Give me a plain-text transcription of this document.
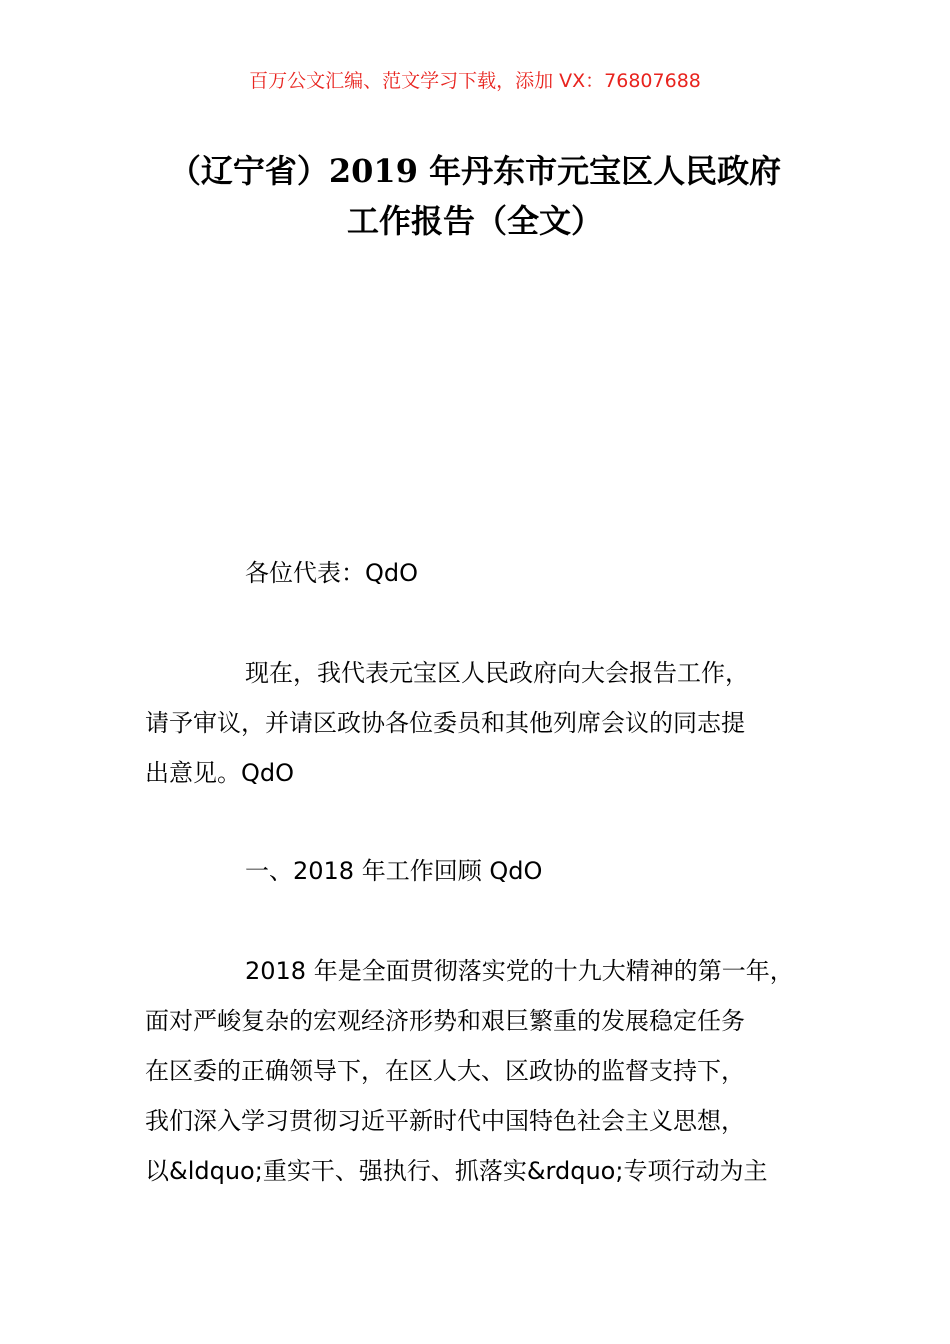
百万公文汇编、范文学习下载，添加 VX：76807688
（辽宁省）2019 年丹东市元宝区人民政府
工作报告（全文）

各位代表：QdO

现在，我代表元宝区人民政府向大会报告工作，
请予审议，并请区政协各位委员和其他列席会议的同志提
出意见。QdO

一、2018 年工作回顾 QdO

2018 年是全面贯彻落实党的十九大精神的第一年，
面对严峻复杂的宏观经济形势和艰巨繁重的发展稳定任务
在区委的正确领导下，在区人大、区政协的监督支持下，
我们深入学习贯彻习近平新时代中国特色社会主义思想，
以&ldquo;重实干、强执行、抓落实&rdquo;专项行动为主
